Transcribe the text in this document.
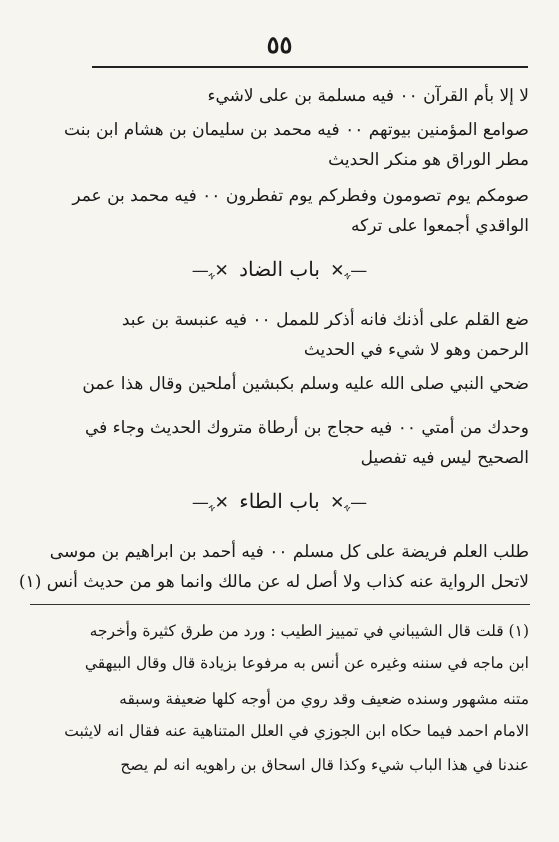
٥٥
لا إلا بأم القرآن ٠٠ فيه مسلمة بن على لاشيء
صوامع المؤمنين بيوتهم ٠٠ فيه محمد بن سليمان بن هشام ابن بنت
مطر الوراق هو منكر الحديث
صومكم يوم تصومون وفطركم يوم تفطرون ٠٠ فيه محمد بن عمر
الواقدي أجمعوا على تركه
—ﮩ✕ باب الضاد ✕ﮩ—
ضع القلم على أذنك فانه أذكر للممل ٠٠ فيه عنبسة بن عبد
الرحمن وهو لا شيء في الحديث
ضحي النبي صلى الله عليه وسلم بكبشين أملحين وقال هذا عمن
وحدك من أمتي ٠٠ فيه حجاج بن أرطاة متروك الحديث وجاء في
الصحيح ليس فيه تفصيل
—ﮩ✕ باب الطاء ✕ﮩ—
طلب العلم فريضة على كل مسلم ٠٠ فيه أحمد بن ابراهيم بن موسى
لاتحل الرواية عنه كذاب ولا أصل له عن مالك وانما هو من حديث أنس (١)
(١) قلت قال الشيباني في تمييز الطيب : ورد من طرق كثيرة وأخرجه
ابن ماجه في سننه وغيره عن أنس به مرفوعا بزيادة قال وقال البيهقي
متنه مشهور وسنده ضعيف وقد روي من أوجه كلها ضعيفة وسبقه
الامام احمد فيما حكاه ابن الجوزي في العلل المتناهية عنه فقال انه لايثبت
عندنا في هذا الباب شيء وكذا قال اسحاق بن راهويه انه لم يصح
